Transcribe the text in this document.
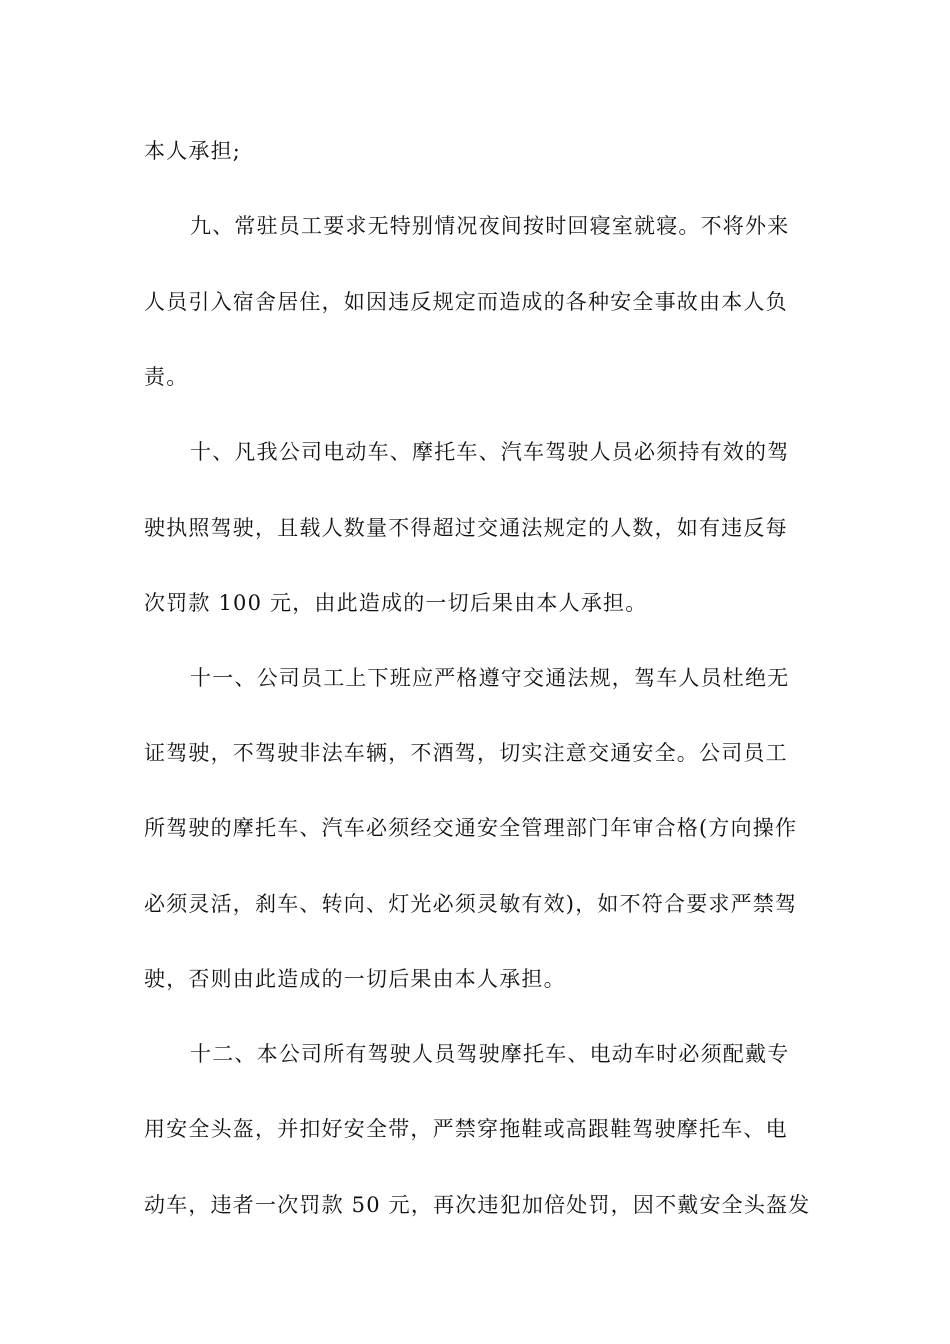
本人承担;
九、常驻员工要求无特别情况夜间按时回寝室就寝。不将外来
人员引入宿舍居住，如因违反规定而造成的各种安全事故由本人负
责。
十、凡我公司电动车、摩托车、汽车驾驶人员必须持有效的驾
驶执照驾驶，且载人数量不得超过交通法规定的人数，如有违反每
次罚款 100 元，由此造成的一切后果由本人承担。
十一、公司员工上下班应严格遵守交通法规，驾车人员杜绝无
证驾驶，不驾驶非法车辆，不酒驾，切实注意交通安全。公司员工
所驾驶的摩托车、汽车必须经交通安全管理部门年审合格(方向操作
必须灵活，刹车、转向、灯光必须灵敏有效)，如不符合要求严禁驾
驶，否则由此造成的一切后果由本人承担。
十二、本公司所有驾驶人员驾驶摩托车、电动车时必须配戴专
用安全头盔，并扣好安全带，严禁穿拖鞋或高跟鞋驾驶摩托车、电
动车，违者一次罚款 50 元，再次违犯加倍处罚，因不戴安全头盔发
